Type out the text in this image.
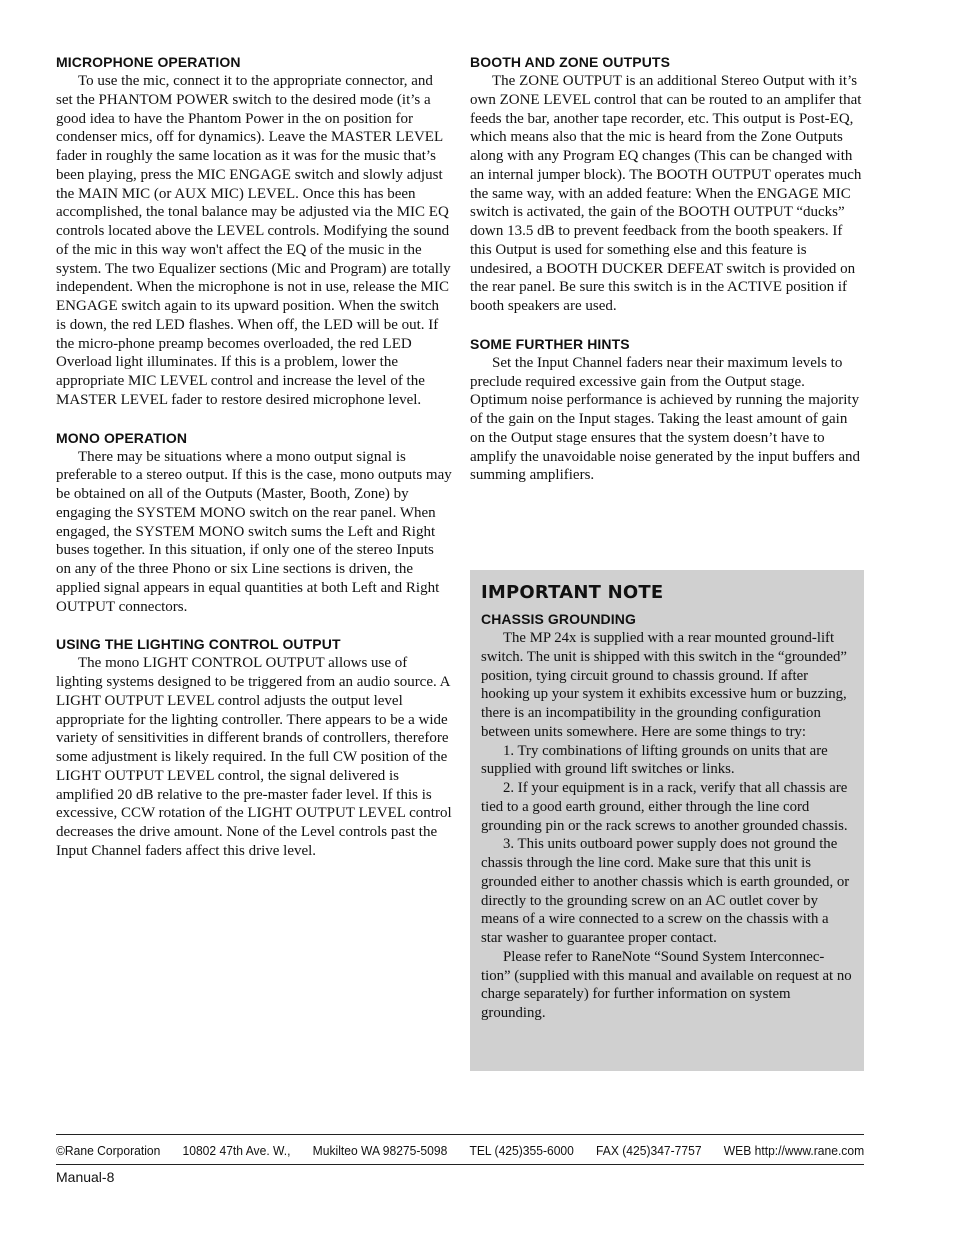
MICROPHONE OPERATION

To use the mic, connect it to the appropriate connector, and set the PHANTOM POWER switch to the desired mode (it’s a good idea to have the Phantom Power in the on position for condenser mics, off for dynamics). Leave the MASTER LEVEL fader in roughly the same location as it was for the music that’s been playing, press the MIC ENGAGE switch and slowly adjust the MAIN MIC (or AUX MIC) LEVEL. Once this has been accomplished, the tonal balance may be adjusted via the MIC EQ controls located above the LEVEL controls. Modifying the sound of the mic in this way won't affect the EQ of the music in the system. The two Equalizer sections (Mic and Program) are totally independent. When the microphone is not in use, release the MIC ENGAGE switch again to its upward position. When the switch is down, the red LED flashes. When off, the LED will be out. If the micro-phone preamp becomes overloaded, the red LED Overload light illuminates. If this is a problem, lower the appropriate MIC LEVEL control and increase the level of the MASTER LEVEL fader to restore desired microphone level.

MONO OPERATION

There may be situations where a mono output signal is preferable to a stereo output. If this is the case, mono outputs may be obtained on all of the Outputs (Master, Booth, Zone) by engaging the SYSTEM MONO switch on the rear panel. When engaged, the SYSTEM MONO switch sums the Left and Right buses together. In this situation, if only one of the stereo Inputs on any of the three Phono or six Line sections is driven, the applied signal appears in equal quantities at both Left and Right OUTPUT connectors.

USING THE LIGHTING CONTROL OUTPUT

The mono LIGHT CONTROL OUTPUT allows use of lighting systems designed to be triggered from an audio source. A LIGHT OUTPUT LEVEL control adjusts the output level appropriate for the lighting controller. There appears to be a wide variety of sensitivities in different brands of controllers, therefore some adjustment is likely required. In the full CW position of the LIGHT OUTPUT LEVEL control, the signal delivered is amplified 20 dB relative to the pre-master fader level. If this is excessive, CCW rotation of the LIGHT OUTPUT LEVEL control decreases the drive amount. None of the Level controls past the Input Channel faders affect this drive level.

BOOTH AND ZONE OUTPUTS

The ZONE OUTPUT is an additional Stereo Output with it’s own ZONE LEVEL control that can be routed to an amplifer that feeds the bar, another tape recorder, etc. This output is Post-EQ, which means also that the mic is heard from the Zone Outputs along with any Program EQ changes (This can be changed with an internal jumper block). The BOOTH OUTPUT operates much the same way, with an added feature: When the ENGAGE MIC switch is activated, the gain of the BOOTH OUTPUT “ducks” down 13.5 dB to prevent feedback from the booth speakers. If this Output is used for something else and this feature is undesired, a BOOTH DUCKER DEFEAT switch is provided on the rear panel. Be sure this switch is in the ACTIVE position if booth speakers are used.

SOME FURTHER HINTS

Set the Input Channel faders near their maximum levels to preclude required excessive gain from the Output stage. Optimum noise performance is achieved by running the majority of the gain on the Input stages. Taking the least amount of gain on the Output stage ensures that the system doesn’t have to amplify the unavoidable noise generated by the input buffers and summing amplifiers.

IMPORTANT NOTE
CHASSIS GROUNDING

The MP 24x is supplied with a rear mounted ground-lift switch. The unit is shipped with this switch in the “grounded” position, tying circuit ground to chassis ground. If after hooking up your system it exhibits excessive hum or buzzing, there is an incompatibility in the grounding configuration between units somewhere. Here are some things to try:

1. Try combinations of lifting grounds on units that are supplied with ground lift switches or links.

2. If your equipment is in a rack, verify that all chassis are tied to a good earth ground, either through the line cord grounding pin or the rack screws to another grounded chassis.

3. This units outboard power supply does not ground the chassis through the line cord. Make sure that this unit is grounded either to another chassis which is earth grounded, or directly to the grounding screw on an AC outlet cover by means of a wire connected to a screw on the chassis with a star washer to guarantee proper contact.

Please refer to RaneNote “Sound System Interconnec-tion” (supplied with this manual and available on request at no charge separately) for further information on system grounding.

©Rane Corporation 10802 47th Ave. W., Mukilteo WA 98275-5098 TEL (425)355-6000 FAX (425)347-7757 WEB http://www.rane.com
Manual-8
